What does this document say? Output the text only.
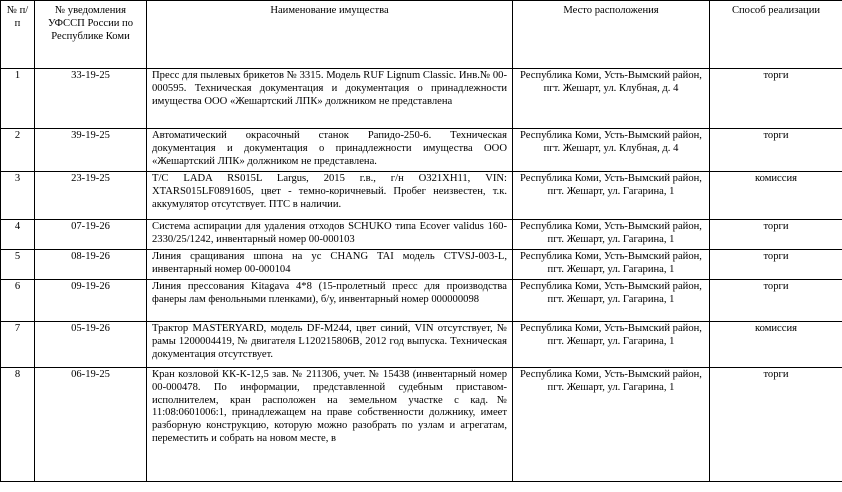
№ п/п	№ уведомления УФССП России по Республике Коми	Наименование имущества	Место расположения	Способ реализации
1	33-19-25	Пресс для пылевых брикетов № 3315. Модель RUF Lignum Classic. Инв.№ 00-000595. Техническая документация и документация о принадлежности имущества ООО «Жешартский ЛПК» должником не представлена	Республика Коми, Усть-Вымский район, пгт. Жешарт, ул. Клубная, д. 4	торги
2	39-19-25	Автоматический окрасочный станок Рапидо-250-6. Техническая документация и документация о принадлежности имущества ООО «Жешартский ЛПК» должником не представлена.	Республика Коми, Усть-Вымский район, пгт. Жешарт, ул. Клубная, д. 4	торги
3	23-19-25	Т/С LADA RS015L Largus, 2015 г.в., г/н О321ХН11, VIN: XTARS015LF0891605, цвет - темно-коричневый. Пробег неизвестен, т.к. аккумулятор отсутствует. ПТС в наличии.	Республика Коми, Усть-Вымский район, пгт. Жешарт, ул. Гагарина, 1	комиссия
4	07-19-26	Система аспирации для удаления отходов SCHUKO типа Ecover validus 160-2330/25/1242, инвентарный номер 00-000103	Республика Коми, Усть-Вымский район, пгт. Жешарт, ул. Гагарина, 1	торги
5	08-19-26	Линия сращивания шпона на ус CHANG TAI модель CTVSJ-003-L, инвентарный номер 00-000104	Республика Коми, Усть-Вымский район, пгт. Жешарт, ул. Гагарина, 1	торги
6	09-19-26	Линия прессования Kitagava 4*8 (15-пролетный пресс для производства фанеры лам фенольными пленками), б/у, инвентарный номер 000000098	Республика Коми, Усть-Вымский район, пгт. Жешарт, ул. Гагарина, 1	торги
7	05-19-26	Трактор MASTERYARD, модель DF-M244, цвет синий, VIN отсутствует, № рамы 1200004419, № двигателя L120215806B, 2012 год выпуска. Техническая документация отсутствует.	Республика Коми, Усть-Вымский район, пгт. Жешарт, ул. Гагарина, 1	комиссия
8	06-19-25	Кран козловой КК-К-12,5 зав. № 211306, учет. № 15438 (инвентарный номер 00-000478. По информации, представленной судебным приставом-исполнителем, кран расположен на земельном участке с кад.№ 11:08:0601006:1, принадлежащем на праве собственности должнику, имеет разборную конструкцию, которую можно разобрать по узлам и агрегатам, переместить и собрать на новом месте, в	Республика Коми, Усть-Вымский район, пгт. Жешарт, ул. Гагарина, 1	торги
